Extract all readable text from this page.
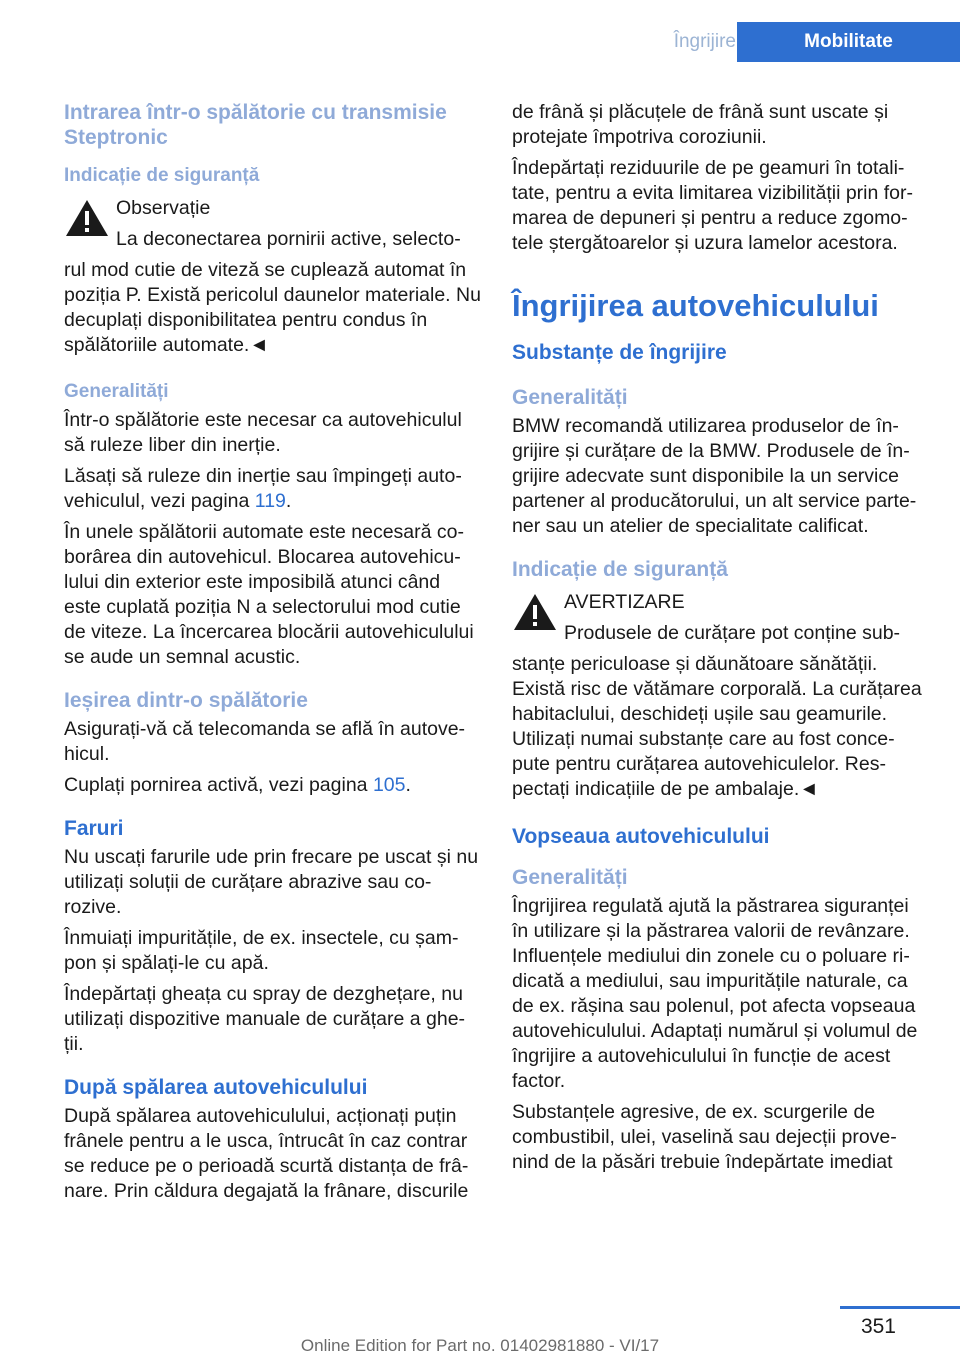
Îngrijire	Mobilitate
Intrarea într-o spălătorie cu transmisie Steptronic
Indicație de siguranță

Observație

La deconectarea pornirii active, selecto‐

rul mod cutie de viteză se cuplează automat în poziția P. Există pericolul daunelor materiale. Nu decuplați disponibilitatea pentru condus în spălătoriile automate.◄

Generalități

Într-o spălătorie este necesar ca autovehiculul să ruleze liber din inerție.

Lăsați să ruleze din inerție sau împingeți auto‐ vehiculul, vezi pagina 119.

În unele spălătorii automate este necesară co‐ borârea din autovehicul. Blocarea autovehicu‐ lului din exterior este imposibilă atunci când este cuplată poziția N a selectorului mod cutie de viteze. La încercarea blocării autovehiculului se aude un semnal acustic.

Ieșirea dintr-o spălătorie

Asigurați-vă că telecomanda se află în autove‐ hicul.

Cuplați pornirea activă, vezi pagina 105.

Faruri

Nu uscați farurile ude prin frecare pe uscat și nu utilizați soluții de curățare abrazive sau co‐ rozive.

Înmuiați impuritățile, de ex. insectele, cu șam‐ pon și spălați-le cu apă.

Îndepărtați gheața cu spray de dezghețare, nu utilizați dispozitive manuale de curățare a ghe‐ ții.

După spălarea autovehiculului

După spălarea autovehiculului, acționați puțin frânele pentru a le usca, întrucât în caz contrar se reduce pe o perioadă scurtă distanța de frâ‐ nare. Prin căldura degajată la frânare, discurile

de frână și plăcuțele de frână sunt uscate și protejate împotriva coroziunii.

Îndepărtați reziduurile de pe geamuri în totali‐ tate, pentru a evita limitarea vizibilității prin for‐ marea de depuneri și pentru a reduce zgomo‐ tele ștergătoarelor și uzura lamelor acestora.

Îngrijirea autovehiculului
Substanțe de îngrijire
Generalități

BMW recomandă utilizarea produselor de în‐ grijire și curățare de la BMW. Produsele de în‐ grijire adecvate sunt disponibile la un service partener al producătorului, un alt service parte‐ ner sau un atelier de specialitate calificat.

Indicație de siguranță

AVERTIZARE

Produsele de curățare pot conține sub‐

stanțe periculoase și dăunătoare sănătății. Există risc de vătămare corporală. La curățarea habitaclului, deschideți ușile sau geamurile. Utilizați numai substanțe care au fost conce‐ pute pentru curățarea autovehiculelor. Res‐ pectați indicațiile de pe ambalaje.◄

Vopseaua autovehiculului
Generalități

Îngrijirea regulată ajută la păstrarea siguranței în utilizare și la păstrarea valorii de revânzare. Influențele mediului din zonele cu o poluare ri‐ dicată a mediului, sau impuritățile naturale, ca de ex. rășina sau polenul, pot afecta vopseaua autovehiculului. Adaptați numărul și volumul de îngrijire a autovehiculului în funcție de acest factor.

Substanțele agresive, de ex. scurgerile de combustibil, ulei, vaselină sau dejecții prove‐ nind de la păsări trebuie îndepărtate imediat

351
Online Edition for Part no. 01402981880 - VI/17
